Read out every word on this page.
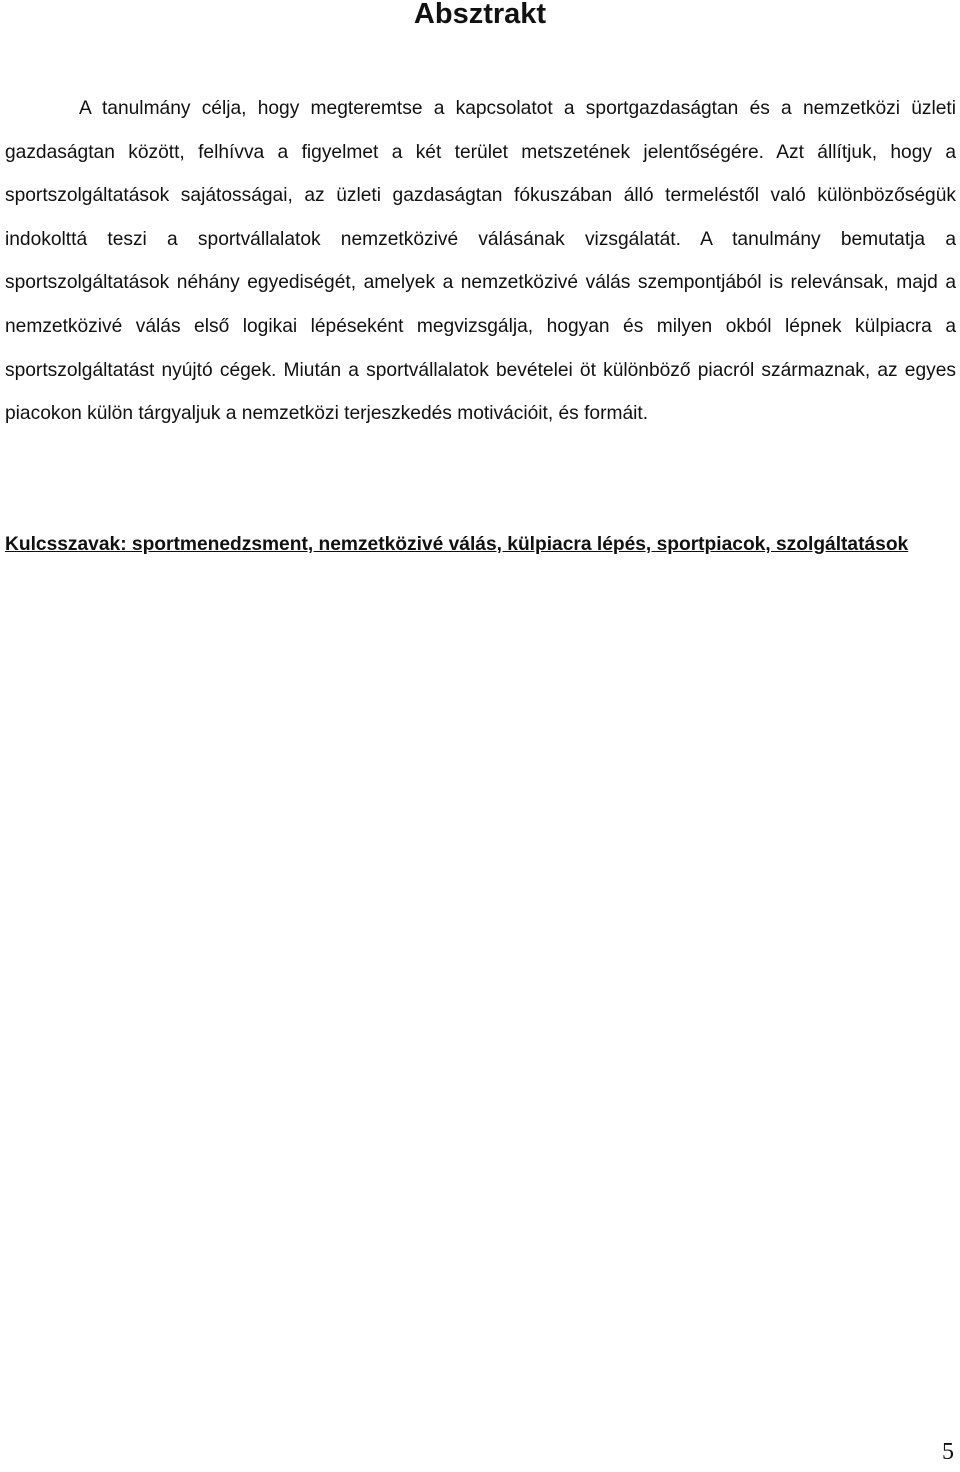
Absztrakt

A tanulmány célja, hogy megteremtse a kapcsolatot a sportgazdaságtan és a nemzetközi üzleti gazdaságtan között, felhívva a figyelmet a két terület metszetének jelentőségére. Azt állítjuk, hogy a sportszolgáltatások sajátosságai, az üzleti gazdaságtan fókuszában álló termeléstől való különbözőségük indokolttá teszi a sportvállalatok nemzetközivé válásának vizsgálatát. A tanulmány bemutatja a sportszolgáltatások néhány egyediségét, amelyek a nemzetközivé válás szempontjából is relevánsak, majd a nemzetközivé válás első logikai lépéseként megvizsgálja, hogyan és milyen okból lépnek külpiacra a sportszolgáltatást nyújtó cégek. Miután a sportvállalatok bevételei öt különböző piacról származnak, az egyes piacokon külön tárgyaljuk a nemzetközi terjeszkedés motivációit, és formáit.

Kulcsszavak: sportmenedzsment, nemzetközivé válás, külpiacra lépés, sportpiacok, szolgáltatások

5
